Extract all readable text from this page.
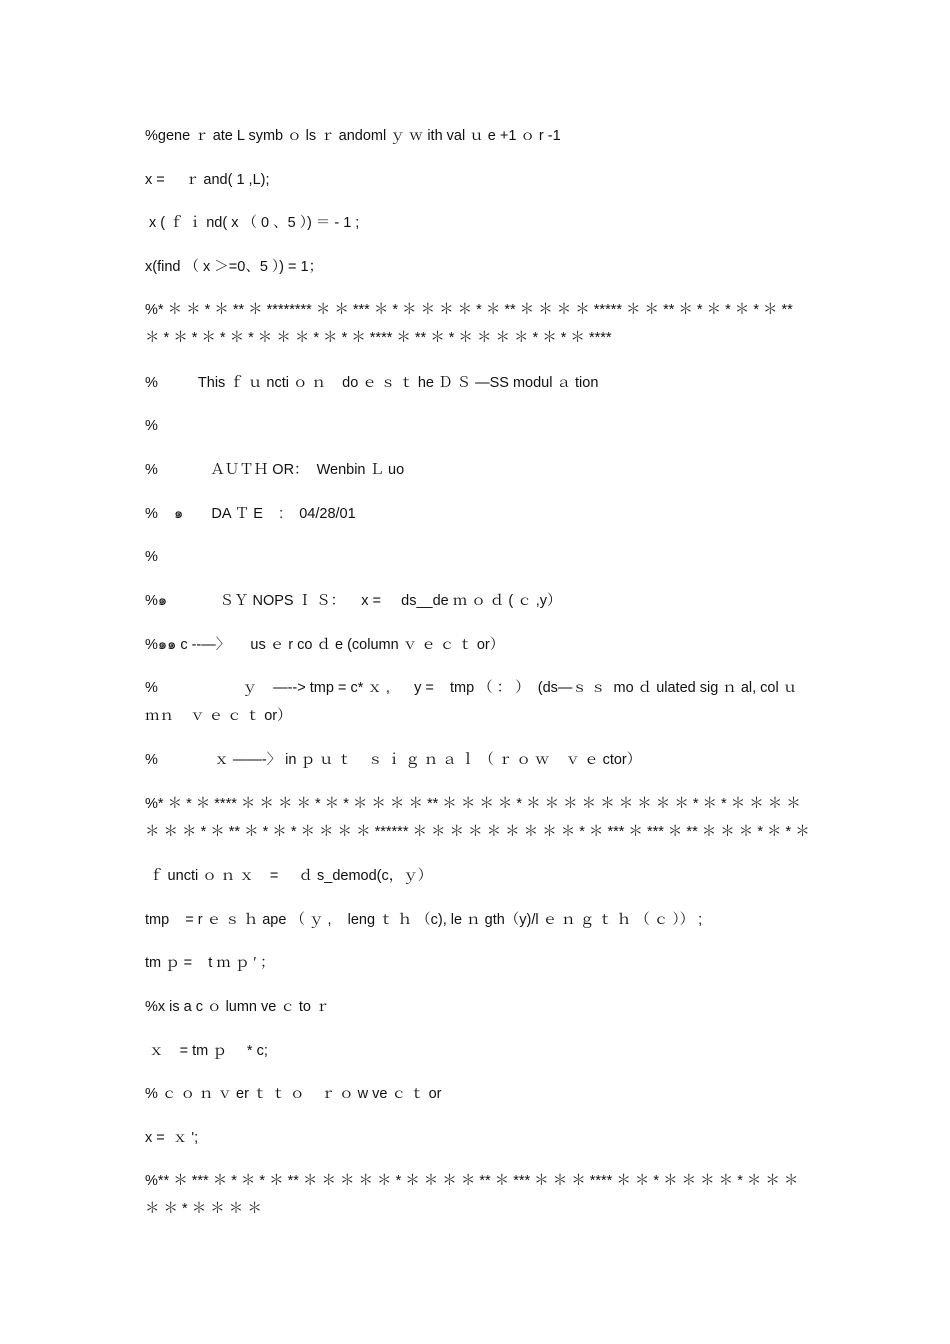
%gene ｒ ate L symb ｏ ls ｒ andoml ｙ ｗ ith val ｕ e +1 ｏ r -1
x =     ｒ and( 1 ,L);
x ( ｆ ｉ nd( x （ 0 、5 ）) ＝ - 1 ;
x(find （ x ＞=0、5 ）) = 1；
%* ＊ ＊ * ＊ ** ＊ ******** ＊ ＊ *** ＊ * ＊ ＊ ＊ ＊ * ＊ ** ＊ ＊ ＊ ＊ ***** ＊ ＊ ** ＊ * ＊ * ＊ * ＊ ** ＊ * ＊ * ＊ * ＊ * ＊ ＊ ＊ * ＊ * ＊ **** ＊ ** ＊ * ＊ ＊ ＊ ＊ * ＊ * ＊ ****
%          This ｆ ｕ ncti ｏ ｎ    do ｅ ｓ ｔ he Ｄ Ｓ —SS modul ａ tion
%
%             ＡＵＴＨ OR：  Wenbin Ｌ uo
%    ๑       DA Ｔ E    :    04/28/01
%
%๑             ＳＹ NOPS Ｉ Ｓ：    x =     ds__de ｍ ｏ ｄ ( ｃ ,y）
%๑๑ c --—〉     us ｅ r co ｄ e (column ｖ ｅ ｃ ｔ or）
%                     ｙ    —--> tmp = c* ｘ ,      y =    tmp （ ： ）  (ds—ｓ ｓ  mo ｄ ulated sig ｎ al, col ｕｍｎ    ｖ ｅ ｃ ｔ or）
%              ｘ ——-〉 in ｐ ｕ ｔ    ｓ ｉ ｇ ｎ ａ ｌ （ ｒ ｏ ｗ    ｖ ｅ ctor）
%* ＊ * ＊ **** ＊ ＊ ＊ ＊ * ＊ * ＊ ＊ ＊ ＊ ** ＊ ＊ ＊ ＊ * ＊ ＊ ＊ ＊ ＊ ＊ ＊ ＊ ＊ * ＊ * ＊ ＊ ＊ ＊ ＊ ＊ ＊ * ＊ ** ＊ * ＊ * ＊ ＊ ＊ ＊ ****** ＊ ＊ ＊ ＊ ＊ ＊ ＊ ＊ ＊ * ＊ *** ＊ *** ＊ ** ＊ ＊ ＊ * ＊ * ＊
ｆ uncti ｏ ｎ ｘ    =     ｄ s_demod(c，ｙ）
tmp    = r ｅ ｓ ｈ ape （ ｙ ,    leng ｔ ｈ （c), le ｎ gth（y)/l ｅ ｎ ｇ ｔ ｈ （ ｃ ）） ;
tm ｐ =    t ｍ ｐ ′ ；
%x is a c ｏ lumn ve ｃ to ｒ
ｘ    = tm ｐ     * c;
% ｃ ｏ ｎ ｖ er ｔ ｔ ｏ    ｒ ｏ w ve ｃ ｔ or
x =  ｘ ';
%** ＊ *** ＊ * ＊ * ＊ ** ＊ ＊ ＊ ＊ ＊ * ＊ ＊ ＊ ＊ ** ＊ *** ＊ ＊ ＊ **** ＊ ＊ * ＊ ＊ ＊ ＊ * ＊ ＊ ＊ ＊ ＊ * ＊ ＊ ＊ ＊
